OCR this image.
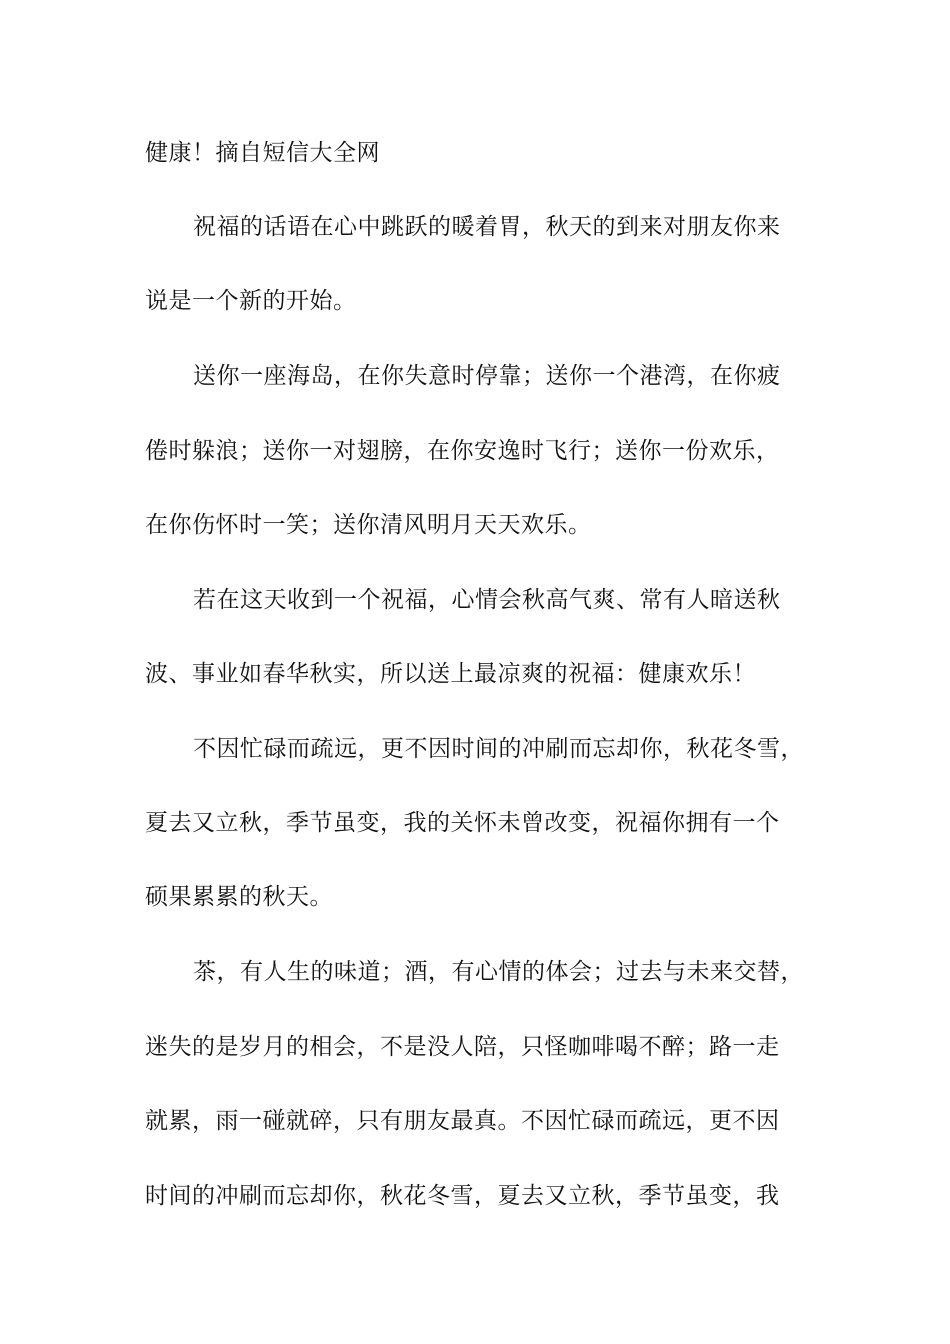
健康！摘自短信大全网
祝福的话语在心中跳跃的暖着胃，秋天的到来对朋友你来
说是一个新的开始。
送你一座海岛，在你失意时停靠；送你一个港湾，在你疲
倦时躲浪；送你一对翅膀，在你安逸时飞行；送你一份欢乐，
在你伤怀时一笑；送你清风明月天天欢乐。
若在这天收到一个祝福，心情会秋高气爽、常有人暗送秋
波、事业如春华秋实，所以送上最凉爽的祝福：健康欢乐！
不因忙碌而疏远，更不因时间的冲刷而忘却你，秋花冬雪，
夏去又立秋，季节虽变，我的关怀未曾改变，祝福你拥有一个
硕果累累的秋天。
茶，有人生的味道；酒，有心情的体会；过去与未来交替，
迷失的是岁月的相会，不是没人陪，只怪咖啡喝不醉；路一走
就累，雨一碰就碎，只有朋友最真。不因忙碌而疏远，更不因
时间的冲刷而忘却你，秋花冬雪，夏去又立秋，季节虽变，我
